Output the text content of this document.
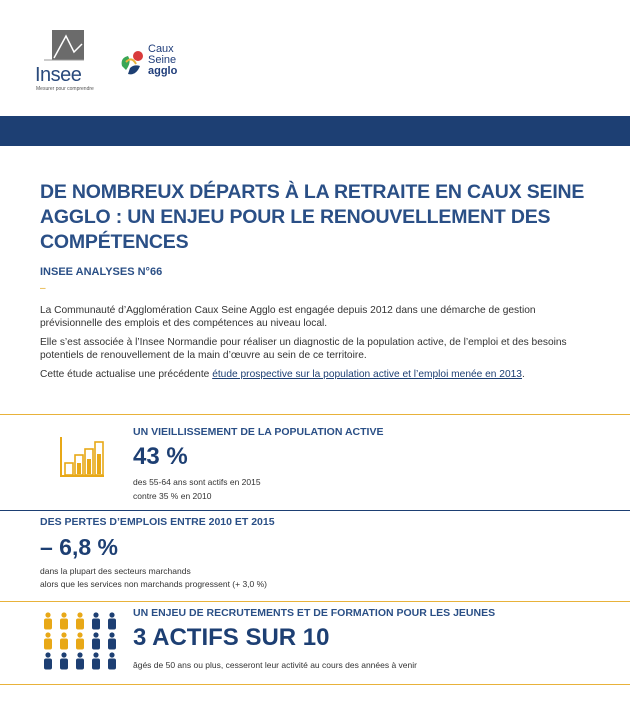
Insee
Mesurer pour comprendre
Caux
Seine
agglo
DE NOMBREUX DÉPARTS À LA RETRAITE EN CAUX SEINE AGGLO : UN ENJEU POUR LE RENOUVELLEMENT DES COMPÉTENCES
INSEE ANALYSES N°66
–

La Communauté d’Agglomération Caux Seine Agglo est engagée depuis 2012 dans une démarche de gestion prévisionnelle des emplois et des compétences au niveau local.

Elle s’est associée à l’Insee Normandie pour réaliser un diagnostic de la population active, de l’emploi et des besoins potentiels de renouvellement de la main d’œuvre au sein de ce territoire.

Cette étude actualise une précédente étude prospective sur la population active et l’emploi menée en 2013.

UN VIEILLISSEMENT DE LA POPULATION ACTIVE
43 %
des 55-64 ans sont actifs en 2015
contre 35 % en 2010
DES PERTES D’EMPLOIS ENTRE 2010 ET 2015
– 6,8 %
dans la plupart des secteurs marchands
alors que les services non marchands progressent (+ 3,0 %)
UN ENJEU DE RECRUTEMENTS ET DE FORMATION POUR LES JEUNES
3 ACTIFS SUR 10
âgés de 50 ans ou plus, cesseront leur activité au cours des années à venir
